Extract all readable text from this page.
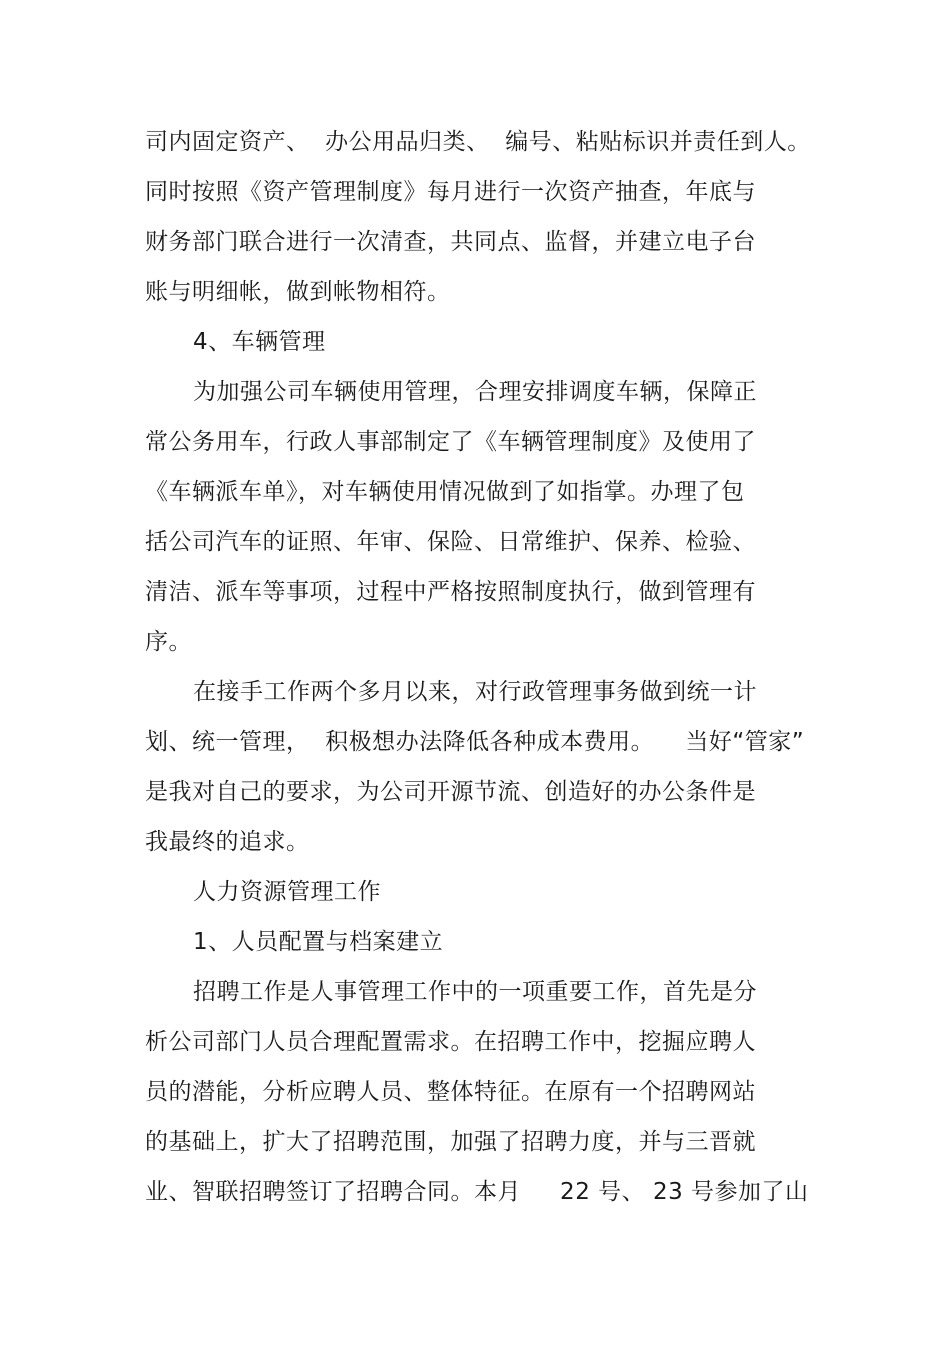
司内固定资产、  办公用品归类、  编号、粘贴标识并责任到人。
同时按照《资产管理制度》每月进行一次资产抽查，年底与
财务部门联合进行一次清查，共同点、监督，并建立电子台
账与明细帐，做到帐物相符。
4、车辆管理
为加强公司车辆使用管理，合理安排调度车辆，保障正
常公务用车，行政人事部制定了《车辆管理制度》及使用了
《车辆派车单》，对车辆使用情况做到了如指掌。办理了包
括公司汽车的证照、年审、保险、日常维护、保养、检验、
清洁、派车等事项，过程中严格按照制度执行，做到管理有
序。
在接手工作两个多月以来，对行政管理事务做到统一计
划、统一管理，  积极想办法降低各种成本费用。    当好“管家”
是我对自己的要求，为公司开源节流、创造好的办公条件是
我最终的追求。
人力资源管理工作
1、人员配置与档案建立
招聘工作是人事管理工作中的一项重要工作，首先是分
析公司部门人员合理配置需求。在招聘工作中，挖掘应聘人
员的潜能，分析应聘人员、整体特征。在原有一个招聘网站
的基础上，扩大了招聘范围，加强了招聘力度，并与三晋就
业、智联招聘签订了招聘合同。本月     22 号、 23 号参加了山
